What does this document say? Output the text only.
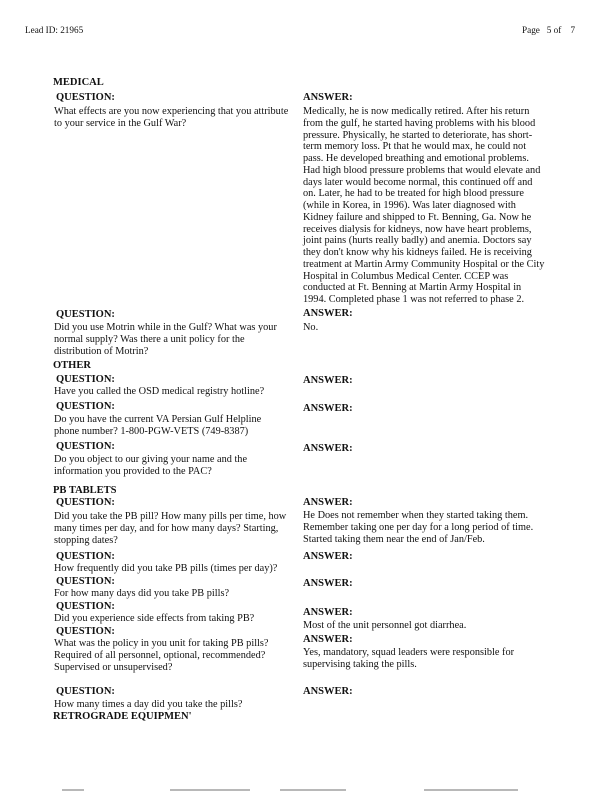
Lead ID: 21965	Page 5 of 7
MEDICAL
QUESTION:
What effects are you now experiencing that you attribute
to your service in the Gulf War?
ANSWER:
Medically, he is now medically retired. After his return
from the gulf, he started having problems with his blood
pressure. Physically, he started to deteriorate, has short-
term memory loss. Pt that he would max, he could not
pass. He developed breathing and emotional problems.
Had high blood pressure problems that would elevate and
days later would become normal, this continued off and
on. Later, he had to be treated for high blood pressure
(while in Korea, in 1996). Was later diagnosed with
Kidney failure and shipped to Ft. Benning, Ga. Now he
receives dialysis for kidneys, now have heart problems,
joint pains (hurts really badly) and anemia. Doctors say
they don't know why his kidneys failed. He is receiving
treatment at Martin Army Community Hospital or the City
Hospital in Columbus Medical Center. CCEP was
conducted at Ft. Benning at Martin Army Hospital in
1994. Completed phase 1 was not referred to phase 2.
QUESTION:
Did you use Motrin while in the Gulf? What was your
normal supply? Was there a unit policy for the
distribution of Motrin?
ANSWER:
No.
OTHER
QUESTION:
Have you called the OSD medical registry hotline?
ANSWER:
QUESTION:
Do you have the current VA Persian Gulf Helpline
phone number? 1-800-PGW-VETS (749-8387)
ANSWER:
QUESTION:
Do you object to our giving your name and the
information you provided to the PAC?
ANSWER:
PB TABLETS
QUESTION:
Did you take the PB pill? How many pills per time, how
many times per day, and for how many days? Starting,
stopping dates?
ANSWER:
He Does not remember when they started taking them.
Remember taking one per day for a long period of time.
Started taking them near the end of Jan/Feb.
QUESTION:
How frequently did you take PB pills (times per day)?
ANSWER:
QUESTION:
For how many days did you take PB pills?
ANSWER:
QUESTION:
Did you experience side effects from taking PB?
ANSWER:
Most of the unit personnel got diarrhea.
QUESTION:
What was the policy in you unit for taking PB pills?
Required of all personnel, optional, recommended?
Supervised or unsupervised?
ANSWER:
Yes, mandatory, squad leaders were responsible for
supervising taking the pills.
QUESTION:
How many times a day did you take the pills?
ANSWER:
RETROGRADE EQUIPMEN'
